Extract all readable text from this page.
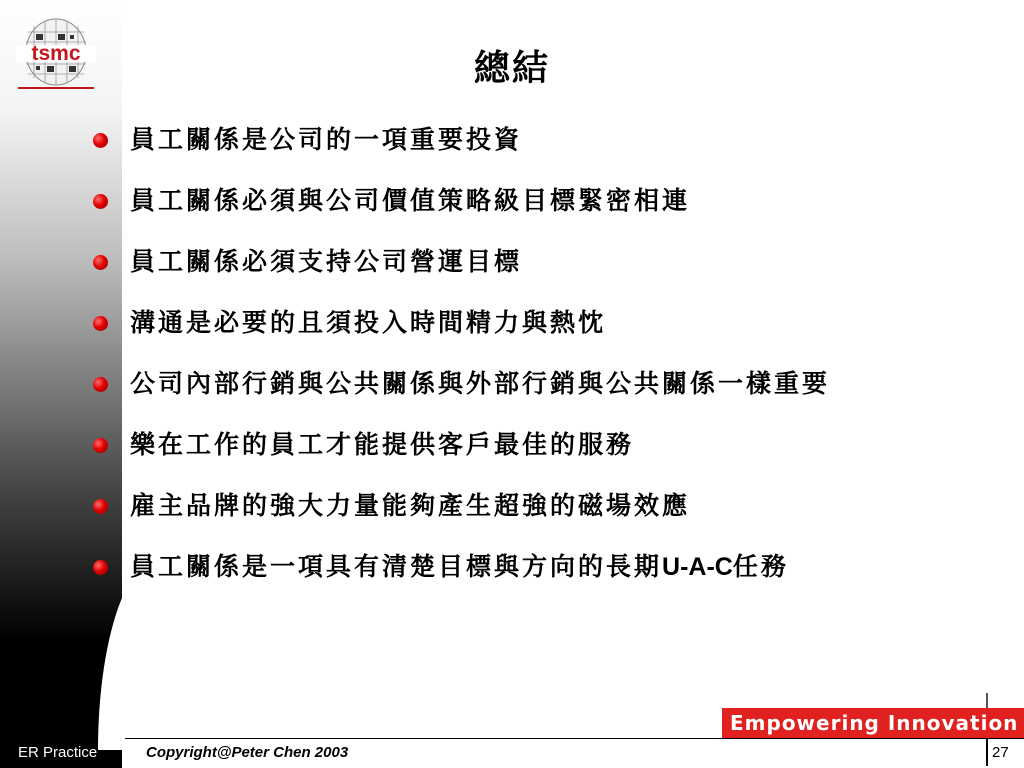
tsmc	總結
員工關係是公司的一項重要投資
員工關係必須與公司價值策略級目標緊密相連
員工關係必須支持公司營運目標
溝通是必要的且須投入時間精力與熱忱
公司內部行銷與公共關係與外部行銷與公共關係一樣重要
樂在工作的員工才能提供客戶最佳的服務
雇主品牌的強大力量能夠產生超強的磁場效應
員工關係是一項具有清楚目標與方向的長期U-A-C任務
Empowering Innovation
ER Practice	Copyright@Peter Chen 2003	27
